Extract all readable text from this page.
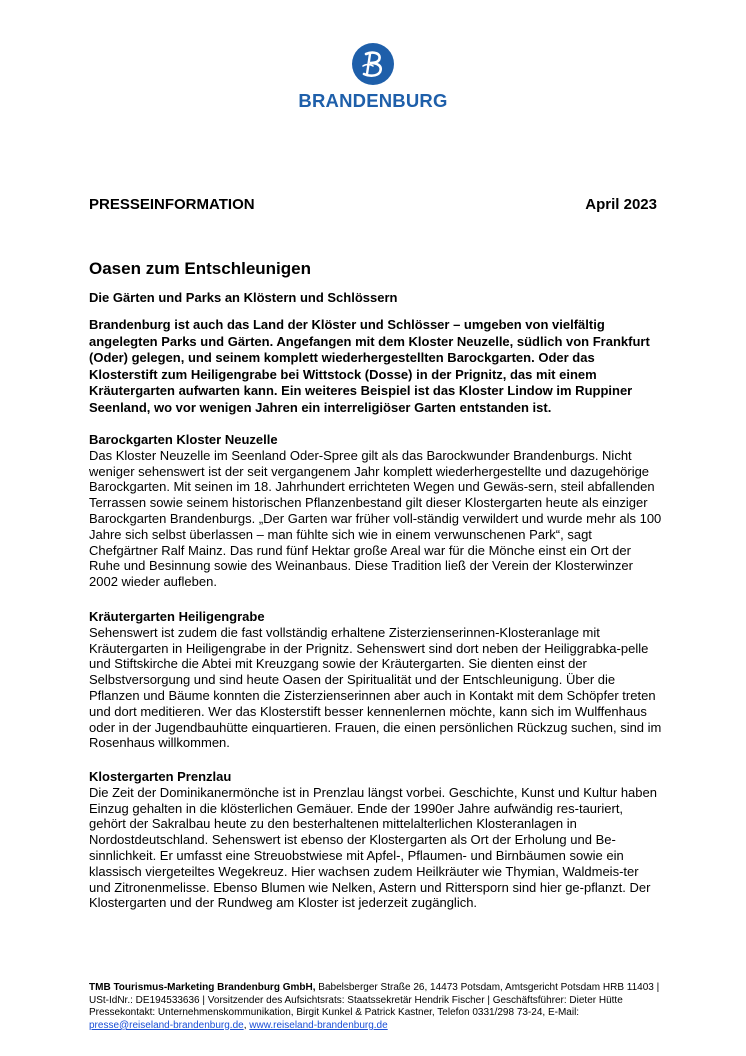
BRANDENBURG
PRESSEINFORMATION	April 2023
Oasen zum Entschleunigen
Die Gärten und Parks an Klöstern und Schlössern
Brandenburg ist auch das Land der Klöster und Schlösser – umgeben von vielfältig angelegten Parks und Gärten. Angefangen mit dem Kloster Neuzelle, südlich von Frankfurt (Oder) gelegen, und seinem komplett wiederhergestellten Barockgarten. Oder das Klosterstift zum Heiligengrabe bei Wittstock (Dosse) in der Prignitz, das mit einem Kräutergarten aufwarten kann. Ein weiteres Beispiel ist das Kloster Lindow im Ruppiner Seenland, wo vor wenigen Jahren ein interreligiöser Garten entstanden ist.
Barockgarten Kloster Neuzelle

Das Kloster Neuzelle im Seenland Oder-Spree gilt als das Barockwunder Brandenburgs. Nicht weniger sehenswert ist der seit vergangenem Jahr komplett wiederhergestellte und dazugehörige Barockgarten. Mit seinen im 18. Jahrhundert errichteten Wegen und Gewäs-sern, steil abfallenden Terrassen sowie seinem historischen Pflanzenbestand gilt dieser Klostergarten heute als einziger Barockgarten Brandenburgs. „Der Garten war früher voll-ständig verwildert und wurde mehr als 100 Jahre sich selbst überlassen – man fühlte sich wie in einem verwunschenen Park“, sagt Chefgärtner Ralf Mainz. Das rund fünf Hektar große Areal war für die Mönche einst ein Ort der Ruhe und Besinnung sowie des Weinanbaus. Diese Tradition ließ der Verein der Klosterwinzer 2002 wieder aufleben.

Kräutergarten Heiligengrabe

Sehenswert ist zudem die fast vollständig erhaltene Zisterzienserinnen-Klosteranlage mit Kräutergarten in Heiligengrabe in der Prignitz. Sehenswert sind dort neben der Heiliggrabka-pelle und Stiftskirche die Abtei mit Kreuzgang sowie der Kräutergarten. Sie dienten einst der Selbstversorgung und sind heute Oasen der Spiritualität und der Entschleunigung. Über die Pflanzen und Bäume konnten die Zisterzienserinnen aber auch in Kontakt mit dem Schöpfer treten und dort meditieren. Wer das Klosterstift besser kennenlernen möchte, kann sich im Wulffenhaus oder in der Jugendbauhütte einquartieren. Frauen, die einen persönlichen Rückzug suchen, sind im Rosenhaus willkommen.

Klostergarten Prenzlau

Die Zeit der Dominikanermönche ist in Prenzlau längst vorbei. Geschichte, Kunst und Kultur haben Einzug gehalten in die klösterlichen Gemäuer. Ende der 1990er Jahre aufwändig res-tauriert, gehört der Sakralbau heute zu den besterhaltenen mittelalterlichen Klosteranlagen in Nordostdeutschland. Sehenswert ist ebenso der Klostergarten als Ort der Erholung und Be-sinnlichkeit. Er umfasst eine Streuobstwiese mit Apfel-, Pflaumen- und Birnbäumen sowie ein klassisch viergeteiltes Wegekreuz. Hier wachsen zudem Heilkräuter wie Thymian, Waldmeis-ter und Zitronenmelisse. Ebenso Blumen wie Nelken, Astern und Rittersporn sind hier ge-pflanzt. Der Klostergarten und der Rundweg am Kloster ist jederzeit zugänglich.

TMB Tourismus-Marketing Brandenburg GmbH, Babelsberger Straße 26, 14473 Potsdam, Amtsgericht Potsdam HRB 11403 | USt-IdNr.: DE194533636 | Vorsitzender des Aufsichtsrats: Staatssekretär Hendrik Fischer | Geschäftsführer: Dieter Hütte Pressekontakt: Unternehmenskommunikation, Birgit Kunkel & Patrick Kastner, Telefon 0331/298 73-24, E-Mail: presse@reiseland-brandenburg.de, www.reiseland-brandenburg.de
